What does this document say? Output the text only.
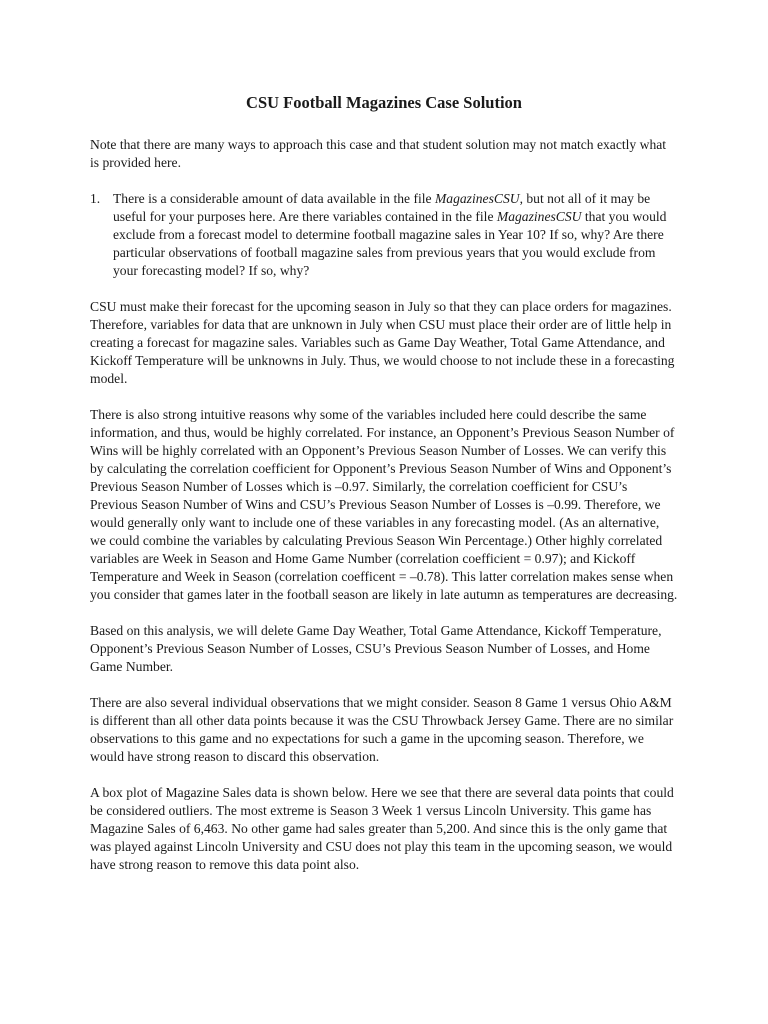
CSU Football Magazines Case Solution

Note that there are many ways to approach this case and that student solution may not match exactly what is provided here.

1. There is a considerable amount of data available in the file MagazinesCSU, but not all of it may be useful for your purposes here. Are there variables contained in the file MagazinesCSU that you would exclude from a forecast model to determine football magazine sales in Year 10? If so, why? Are there particular observations of football magazine sales from previous years that you would exclude from your forecasting model? If so, why?

CSU must make their forecast for the upcoming season in July so that they can place orders for magazines. Therefore, variables for data that are unknown in July when CSU must place their order are of little help in creating a forecast for magazine sales. Variables such as Game Day Weather, Total Game Attendance, and Kickoff Temperature will be unknowns in July. Thus, we would choose to not include these in a forecasting model.

There is also strong intuitive reasons why some of the variables included here could describe the same information, and thus, would be highly correlated. For instance, an Opponent’s Previous Season Number of Wins will be highly correlated with an Opponent’s Previous Season Number of Losses. We can verify this by calculating the correlation coefficient for Opponent’s Previous Season Number of Wins and Opponent’s Previous Season Number of Losses which is –0.97. Similarly, the correlation coefficient for CSU’s Previous Season Number of Wins and CSU’s Previous Season Number of Losses is –0.99. Therefore, we would generally only want to include one of these variables in any forecasting model. (As an alternative, we could combine the variables by calculating Previous Season Win Percentage.) Other highly correlated variables are Week in Season and Home Game Number (correlation coefficient = 0.97); and Kickoff Temperature and Week in Season (correlation coefficent = –0.78). This latter correlation makes sense when you consider that games later in the football season are likely in late autumn as temperatures are decreasing.

Based on this analysis, we will delete Game Day Weather, Total Game Attendance, Kickoff Temperature, Opponent’s Previous Season Number of Losses, CSU’s Previous Season Number of Losses, and Home Game Number.

There are also several individual observations that we might consider. Season 8 Game 1 versus Ohio A&M is different than all other data points because it was the CSU Throwback Jersey Game. There are no similar observations to this game and no expectations for such a game in the upcoming season. Therefore, we would have strong reason to discard this observation.

A box plot of Magazine Sales data is shown below. Here we see that there are several data points that could be considered outliers. The most extreme is Season 3 Week 1 versus Lincoln University. This game has Magazine Sales of 6,463. No other game had sales greater than 5,200. And since this is the only game that was played against Lincoln University and CSU does not play this team in the upcoming season, we would have strong reason to remove this data point also.
